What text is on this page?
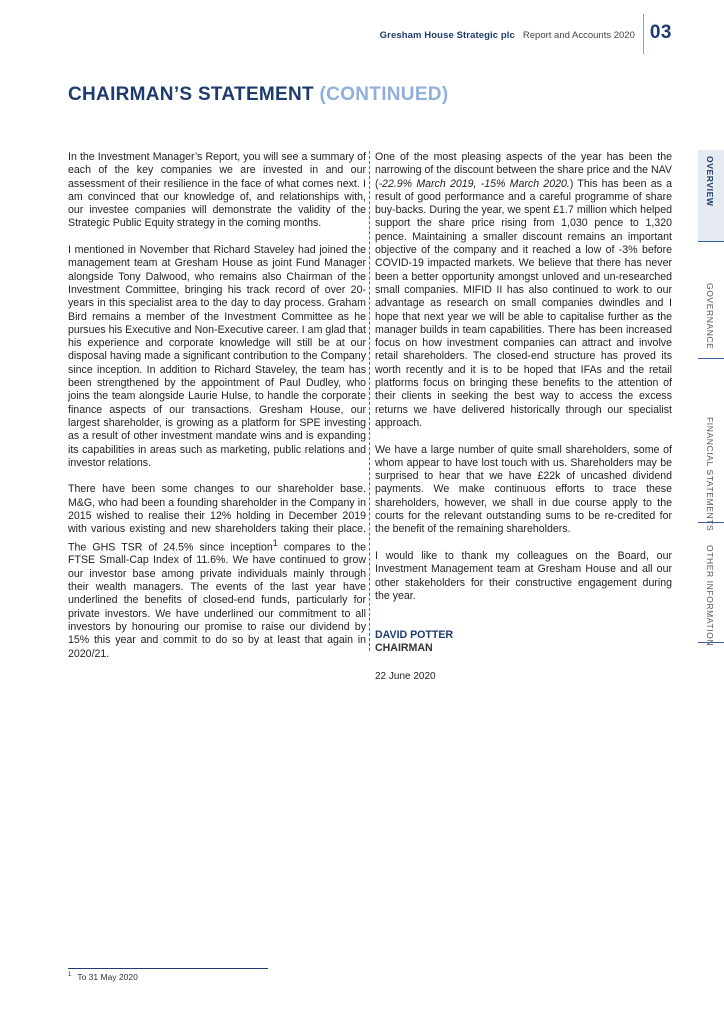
Gresham House Strategic plc Report and Accounts 2020 03
CHAIRMAN’S STATEMENT (CONTINUED)

In the Investment Manager’s Report, you will see a summary of each of the key companies we are invested in and our assessment of their resilience in the face of what comes next. I am convinced that our knowledge of, and relationships with, our investee companies will demonstrate the validity of the Strategic Public Equity strategy in the coming months.

I mentioned in November that Richard Staveley had joined the management team at Gresham House as joint Fund Manager alongside Tony Dalwood, who remains also Chairman of the Investment Committee, bringing his track record of over 20-years in this specialist area to the day to day process. Graham Bird remains a member of the Investment Committee as he pursues his Executive and Non-Executive career. I am glad that his experience and corporate knowledge will still be at our disposal having made a significant contribution to the Company since inception. In addition to Richard Staveley, the team has been strengthened by the appointment of Paul Dudley, who joins the team alongside Laurie Hulse, to handle the corporate finance aspects of our transactions. Gresham House, our largest shareholder, is growing as a platform for SPE investing as a result of other investment mandate wins and is expanding its capabilities in areas such as marketing, public relations and investor relations.

There have been some changes to our shareholder base. M&G, who had been a founding shareholder in the Company in 2015 wished to realise their 12% holding in December 2019 with various existing and new shareholders taking their place. The GHS TSR of 24.5% since inception$^1$ compares to the FTSE Small-Cap Index of 11.6%. We have continued to grow our investor base among private individuals mainly through their wealth managers. The events of the last year have underlined the benefits of closed-end funds, particularly for private investors. We have underlined our commitment to all investors by honouring our promise to raise our dividend by 15% this year and commit to do so by at least that again in 2020/21.

One of the most pleasing aspects of the year has been the narrowing of the discount between the share price and the NAV (-22.9% March 2019, -15% March 2020.) This has been as a result of good performance and a careful programme of share buy-backs. During the year, we spent £1.7 million which helped support the share price rising from 1,030 pence to 1,320 pence. Maintaining a smaller discount remains an important objective of the company and it reached a low of -3% before COVID-19 impacted markets. We believe that there has never been a better opportunity amongst unloved and un-researched small companies. MIFID II has also continued to work to our advantage as research on small companies dwindles and I hope that next year we will be able to capitalise further as the manager builds in team capabilities. There has been increased focus on how investment companies can attract and involve retail shareholders. The closed-end structure has proved its worth recently and it is to be hoped that IFAs and the retail platforms focus on bringing these benefits to the attention of their clients in seeking the best way to access the excess returns we have delivered historically through our specialist approach.

We have a large number of quite small shareholders, some of whom appear to have lost touch with us. Shareholders may be surprised to hear that we have £22k of uncashed dividend payments. We make continuous efforts to trace these shareholders, however, we shall in due course apply to the courts for the relevant outstanding sums to be re-credited for the benefit of the remaining shareholders.

I would like to thank my colleagues on the Board, our Investment Management team at Gresham House and all our other stakeholders for their constructive engagement during the year.

DAVID POTTER
CHAIRMAN
22 June 2020
OVERVIEW
GOVERNANCE
FINANCIAL STATEMENTS
OTHER INFORMATION
$^1$ To 31 May 2020
